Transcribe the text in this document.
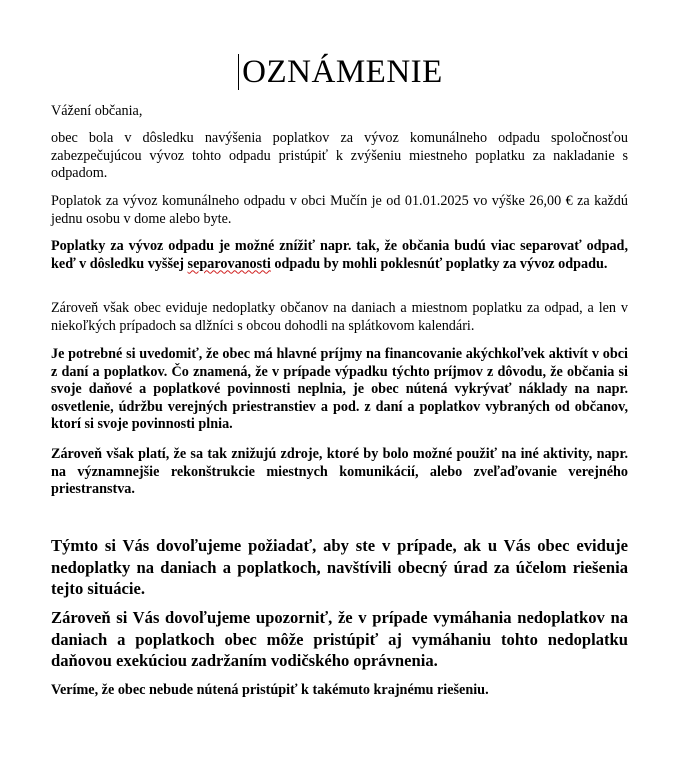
OZNÁMENIE

Vážení občania,

obec bola v dôsledku navýšenia poplatkov za vývoz komunálneho odpadu spoločnosťou zabezpečujúcou vývoz tohto odpadu pristúpiť k zvýšeniu miestneho poplatku za nakladanie s odpadom.

Poplatok za vývoz komunálneho odpadu v obci Mučín je od 01.01.2025 vo výške 26,00 € za každú jednu osobu v dome alebo byte.

Poplatky za vývoz odpadu je možné znížiť napr. tak, že občania budú viac separovať odpad, keď v dôsledku vyššej separovanosti odpadu by mohli poklesnúť poplatky za vývoz odpadu.

Zároveň však obec eviduje nedoplatky občanov na daniach a miestnom poplatku za odpad, a len v niekoľkých prípadoch sa dlžníci s obcou dohodli na splátkovom kalendári.

Je potrebné si uvedomiť, že obec má hlavné príjmy na financovanie akýchkoľvek aktivít v obci z daní a poplatkov. Čo znamená, že v prípade výpadku týchto príjmov z dôvodu, že občania si svoje daňové a poplatkové povinnosti neplnia, je obec nútená vykrývať náklady na napr. osvetlenie, údržbu verejných priestranstiev a pod. z daní a poplatkov vybraných od občanov, ktorí si svoje povinnosti plnia.

Zároveň však platí, že sa tak znižujú zdroje, ktoré by bolo možné použiť na iné aktivity, napr. na významnejšie rekonštrukcie miestnych komunikácií, alebo zveľaďovanie verejného priestranstva.

Týmto si Vás dovoľujeme požiadať, aby ste v prípade, ak u Vás obec eviduje nedoplatky na daniach a poplatkoch, navštívili obecný úrad za účelom riešenia tejto situácie.

Zároveň si Vás dovoľujeme upozorniť, že v prípade vymáhania nedoplatkov na daniach a poplatkoch obec môže pristúpiť aj vymáhaniu tohto nedoplatku daňovou exekúciou zadržaním vodičského oprávnenia.

Veríme, že obec nebude nútená pristúpiť k takémuto krajnému riešeniu.
